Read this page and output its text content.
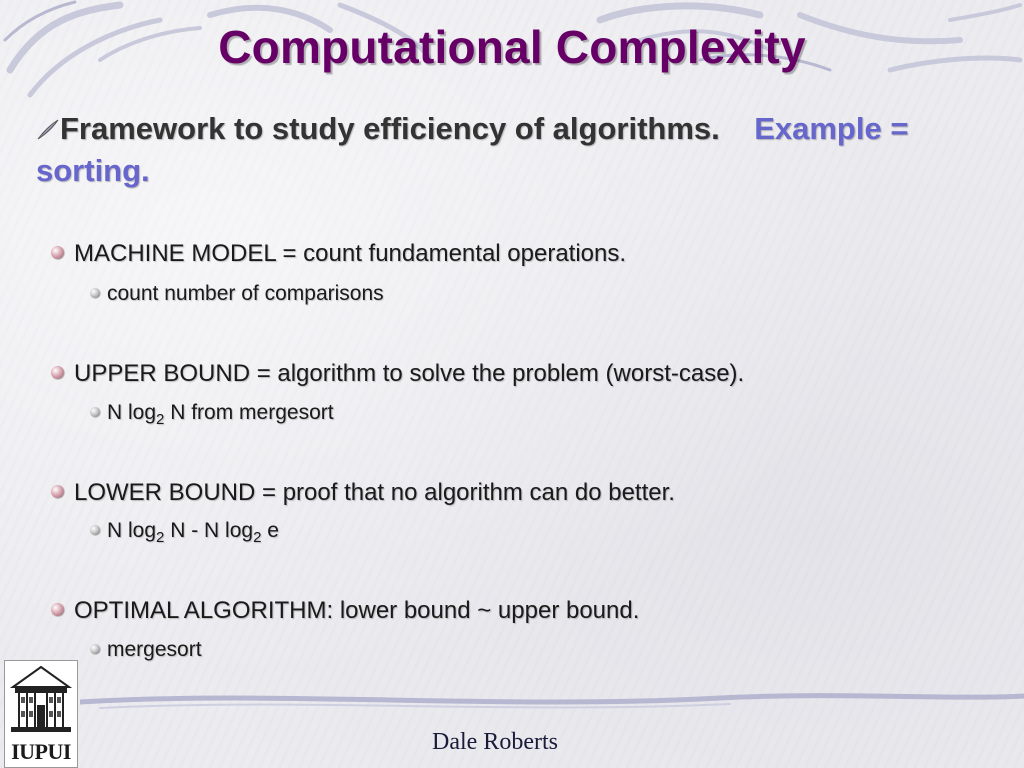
Computational Complexity
Framework to study efficiency of algorithms. Example = sorting.
MACHINE MODEL = count fundamental operations.
count number of comparisons
UPPER BOUND = algorithm to solve the problem (worst-case).
N $\log_2 N$ from mergesort
LOWER BOUND = proof that no algorithm can do better.
N $\log_2 N$ - N $\log_2 e$
OPTIMAL ALGORITHM: lower bound ~ upper bound.
mergesort
IUPUI	Dale Roberts
